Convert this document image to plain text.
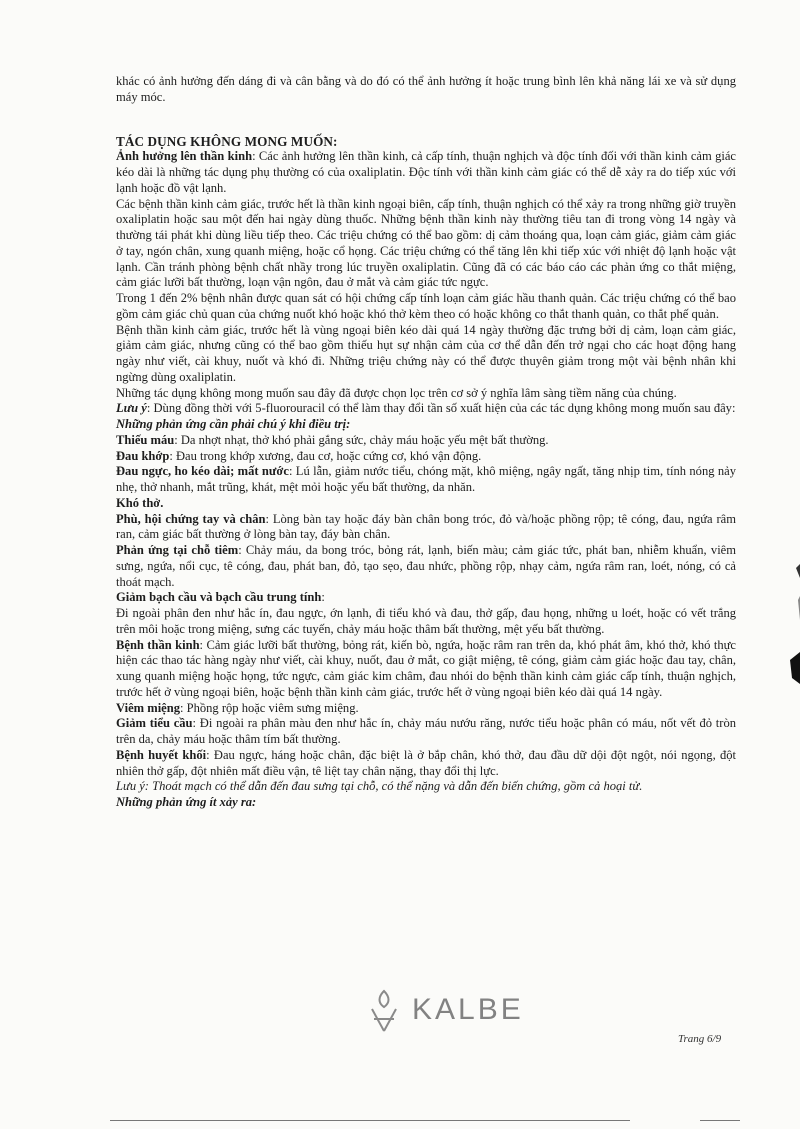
khác có ảnh hưởng đến dáng đi và cân bằng và do đó có thể ảnh hưởng ít hoặc trung bình lên khả năng lái xe và sử dụng máy móc.

TÁC DỤNG KHÔNG MONG MUỐN:

Ảnh hưởng lên thần kinh: Các ảnh hưởng lên thần kinh, cả cấp tính, thuận nghịch và độc tính đối với thần kinh cảm giác kéo dài là những tác dụng phụ thường có của oxaliplatin. Độc tính với thần kinh cảm giác có thể dễ xảy ra do tiếp xúc với lạnh hoặc đồ vật lạnh.

Các bệnh thần kinh cảm giác, trước hết là thần kinh ngoại biên, cấp tính, thuận nghịch có thể xảy ra trong những giờ truyền oxaliplatin hoặc sau một đến hai ngày dùng thuốc. Những bệnh thần kinh này thường tiêu tan đi trong vòng 14 ngày và thường tái phát khi dùng liều tiếp theo. Các triệu chứng có thể bao gồm: dị cảm thoáng qua, loạn cảm giác, giảm cảm giác ở tay, ngón chân, xung quanh miệng, hoặc cổ họng. Các triệu chứng có thể tăng lên khi tiếp xúc với nhiệt độ lạnh hoặc vật lạnh. Cần tránh phòng bệnh chất nhầy trong lúc truyền oxaliplatin. Cũng đã có các báo cáo các phản ứng co thắt miệng, cảm giác lưỡi bất thường, loạn vận ngôn, đau ở mắt và cảm giác tức ngực.

Trong 1 đến 2% bệnh nhân được quan sát có hội chứng cấp tính loạn cảm giác hầu thanh quản. Các triệu chứng có thể bao gồm cảm giác chủ quan của chứng nuốt khó hoặc khó thở kèm theo có hoặc không co thắt thanh quản, co thắt phế quản.

Bệnh thần kinh cảm giác, trước hết là vùng ngoại biên kéo dài quá 14 ngày thường đặc trưng bởi dị cảm, loạn cảm giác, giảm cảm giác, nhưng cũng có thể bao gồm thiếu hụt sự nhận cảm của cơ thể dẫn đến trở ngại cho các hoạt động hang ngày như viết, cài khuy, nuốt và khó đi. Những triệu chứng này có thể được thuyên giảm trong một vài bệnh nhân khi ngừng dùng oxaliplatin.

Những tác dụng không mong muốn sau đây đã được chọn lọc trên cơ sở ý nghĩa lâm sàng tiềm năng của chúng.

Lưu ý: Dùng đồng thời với 5-fluorouracil có thể làm thay đổi tần số xuất hiện của các tác dụng không mong muốn sau đây:

Những phản ứng cần phải chú ý khi điều trị:

Thiếu máu: Da nhợt nhạt, thở khó phải gắng sức, chảy máu hoặc yếu mệt bất thường.

Đau khớp: Đau trong khớp xương, đau cơ, hoặc cứng cơ, khó vận động.

Đau ngực, ho kéo dài; mất nước: Lú lẫn, giảm nước tiểu, chóng mặt, khô miệng, ngây ngất, tăng nhịp tim, tính nóng nảy nhẹ, thở nhanh, mắt trũng, khát, mệt mỏi hoặc yếu bất thường, da nhăn.

Khó thở.

Phù, hội chứng tay và chân: Lòng bàn tay hoặc đáy bàn chân bong tróc, đỏ và/hoặc phồng rộp; tê cóng, đau, ngứa râm ran, cảm giác bất thường ở lòng bàn tay, đáy bàn chân.

Phản ứng tại chỗ tiêm: Chảy máu, da bong tróc, bỏng rát, lạnh, biến màu; cảm giác tức, phát ban, nhiễm khuẩn, viêm sưng, ngứa, nổi cục, tê cóng, đau, phát ban, đỏ, tạo sẹo, đau nhức, phồng rộp, nhạy cảm, ngứa râm ran, loét, nóng, có cả thoát mạch.

Giảm bạch cầu và bạch cầu trung tính:

Đi ngoài phân đen như hắc ín, đau ngực, ớn lạnh, đi tiểu khó và đau, thở gấp, đau họng, những u loét, hoặc có vết trắng trên môi hoặc trong miệng, sưng các tuyến, chảy máu hoặc thâm bất thường, mệt yếu bất thường.

Bệnh thần kinh: Cảm giác lưỡi bất thường, bỏng rát, kiến bò, ngứa, hoặc râm ran trên da, khó phát âm, khó thở, khó thực hiện các thao tác hàng ngày như viết, cài khuy, nuốt, đau ở mắt, co giật miệng, tê cóng, giảm cảm giác hoặc đau tay, chân, xung quanh miệng hoặc họng, tức ngực, cảm giác kim châm, đau nhói do bệnh thần kinh cảm giác cấp tính, thuận nghịch, trước hết ở vùng ngoại biên, hoặc bệnh thần kinh cảm giác, trước hết ở vùng ngoại biên kéo dài quá 14 ngày.

Viêm miệng: Phồng rộp hoặc viêm sưng miệng.

Giảm tiểu cầu: Đi ngoài ra phân màu đen như hắc ín, chảy máu nướu răng, nước tiểu hoặc phân có máu, nốt vết đỏ tròn trên da, chảy máu hoặc thâm tím bất thường.

Bệnh huyết khối: Đau ngực, háng hoặc chân, đặc biệt là ở bắp chân, khó thở, đau đầu dữ dội đột ngột, nói ngọng, đột nhiên thở gấp, đột nhiên mất điều vận, tê liệt tay chân nặng, thay đổi thị lực.

Lưu ý: Thoát mạch có thể dẫn đến đau sưng tại chỗ, có thể nặng và dẫn đến biến chứng, gồm cả hoại tử.

Những phản ứng ít xảy ra:

KALBE
Trang 6/9
